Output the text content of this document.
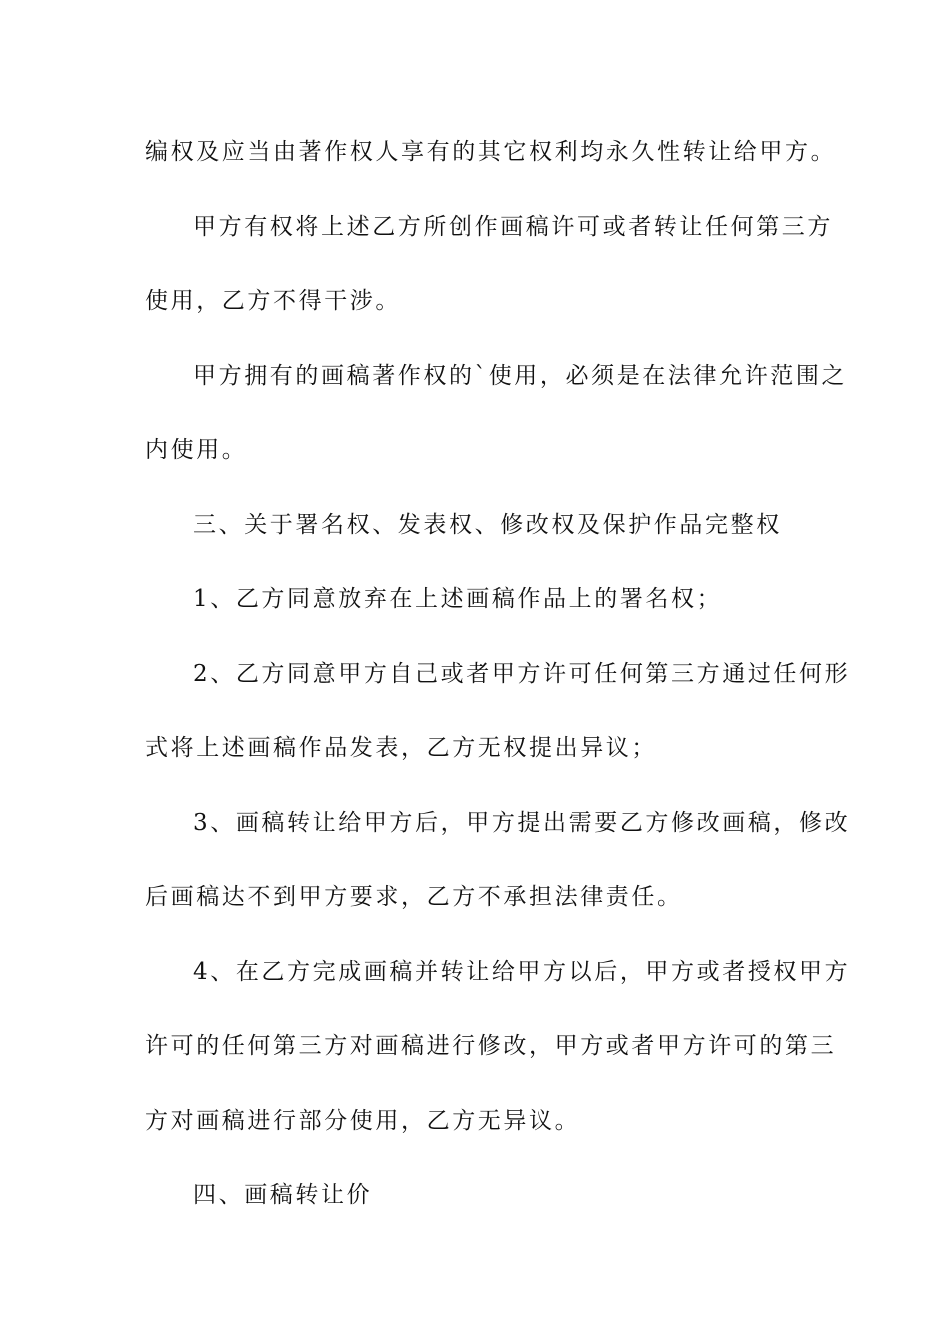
编权及应当由著作权人享有的其它权利均永久性转让给甲方。
甲方有权将上述乙方所创作画稿许可或者转让任何第三方
使用，乙方不得干涉。
甲方拥有的画稿著作权的`使用，必须是在法律允许范围之
内使用。
三、关于署名权、发表权、修改权及保护作品完整权
1、乙方同意放弃在上述画稿作品上的署名权；
2、乙方同意甲方自己或者甲方许可任何第三方通过任何形
式将上述画稿作品发表，乙方无权提出异议；
3、画稿转让给甲方后，甲方提出需要乙方修改画稿，修改
后画稿达不到甲方要求，乙方不承担法律责任。
4、在乙方完成画稿并转让给甲方以后，甲方或者授权甲方
许可的任何第三方对画稿进行修改，甲方或者甲方许可的第三
方对画稿进行部分使用，乙方无异议。
四、画稿转让价
